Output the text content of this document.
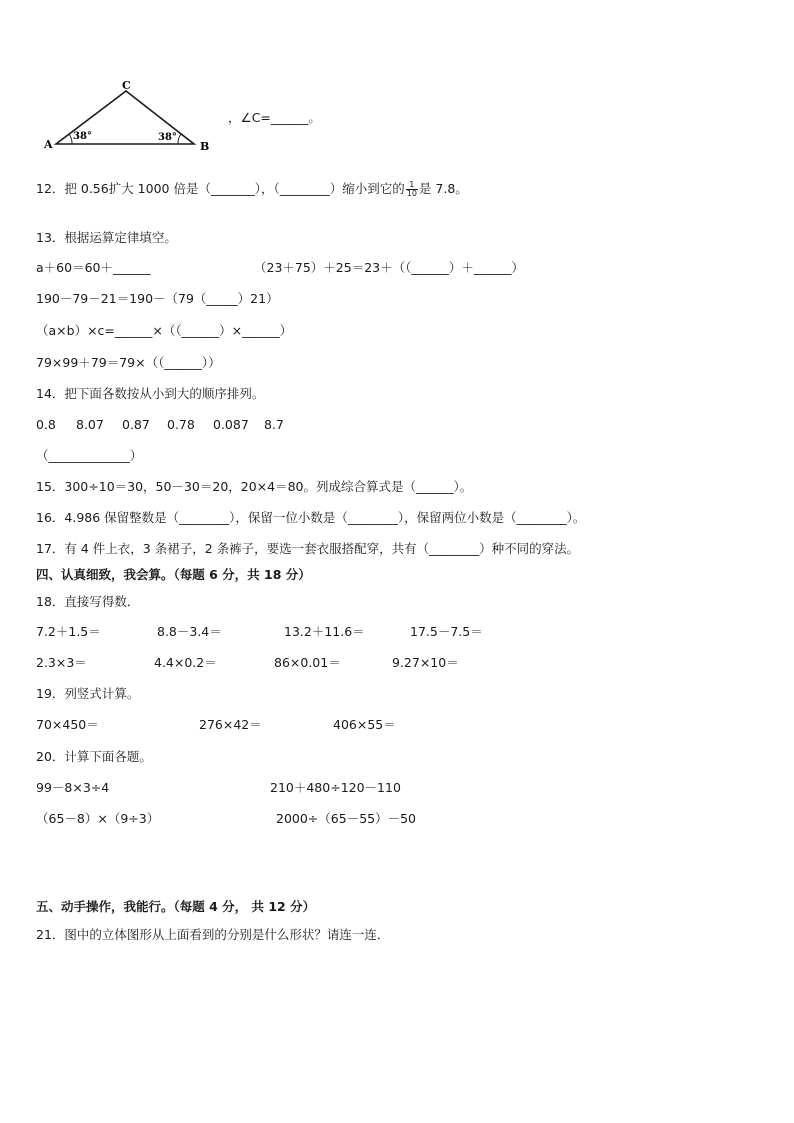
C
A	B
38°	38°
，∠C=______。
12．把 0.56扩大 1000 倍是（_______），（________）缩小到它的 $\frac{1}{10}$ 是 7.8。
13．根据运算定律填空。
a＋60＝60＋______	（23＋75）＋25＝23＋（（______）＋______）
190－79－21＝190－（79（_____）21）
（a×b）×c=______×（（______）×______）
79×99＋79＝79×（（______））
14．把下面各数按从小到大的顺序排列。
0.8 8.07 0.87 0.78 0.087 8.7
（_____________）
15．300÷10＝30，50－30＝20，20×4＝80。列成综合算式是（______）。
16．4.986 保留整数是（________），保留一位小数是（________），保留两位小数是（________）。
17．有 4 件上衣，3 条裙子，2 条裤子，要选一套衣服搭配穿，共有（________）种不同的穿法。
四、认真细致，我会算。（每题 6 分，共 18 分）
18．直接写得数．
7.2＋1.5＝	8.8－3.4＝	13.2＋11.6＝	17.5－7.5＝
2.3×3＝	4.4×0.2＝	86×0.01＝	9.27×10＝
19．列竖式计算。
70×450＝	276×42＝	406×55＝
20．计算下面各题。
99－8×3÷4	210＋480÷120－110
（65－8）×（9÷3）	2000÷（65－55）－50
五、动手操作，我能行。（每题 4 分， 共 12 分）
21．图中的立体图形从上面看到的分别是什么形状？请连一连．
